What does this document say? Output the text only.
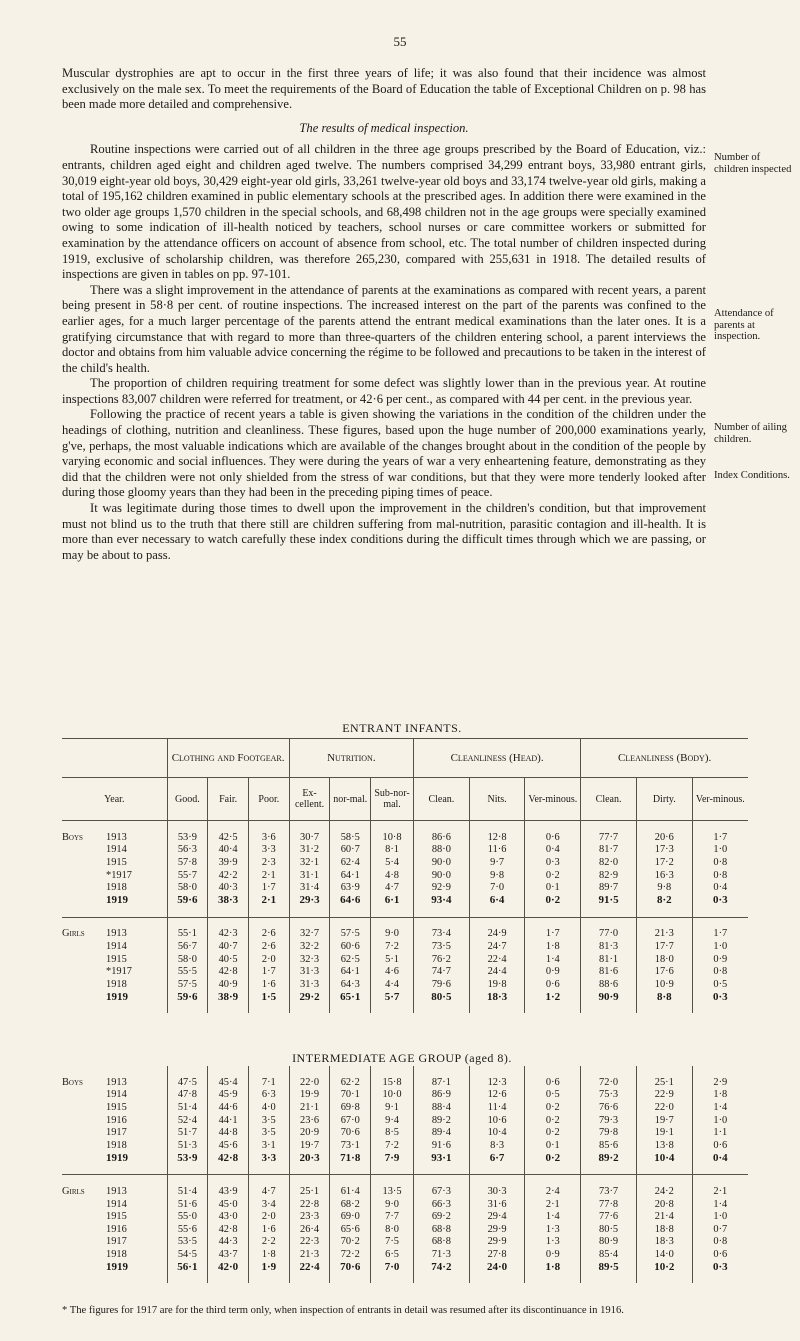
55

Muscular dystrophies are apt to occur in the first three years of life; it was also found that their incidence was almost exclusively on the male sex. To meet the requirements of the Board of Education the table of Exceptional Children on p. 98 has been made more detailed and comprehensive.

The results of medical inspection.

Routine inspections were carried out of all children in the three age groups prescribed by the Board of Education, viz.: entrants, children aged eight and children aged twelve. The numbers comprised 34,299 entrant boys, 33,980 entrant girls, 30,019 eight-year old boys, 30,429 eight-year old girls, 33,261 twelve-year old boys and 33,174 twelve-year old girls, making a total of 195,162 children examined in public elementary schools at the prescribed ages. In addition there were examined in the two older age groups 1,570 children in the special schools, and 68,498 children not in the age groups were specially examined owing to some indication of ill-health noticed by teachers, school nurses or care committee workers or submitted for examination by the attendance officers on account of absence from school, etc. The total number of children inspected during 1919, exclusive of scholarship children, was therefore 265,230, compared with 255,631 in 1918. The detailed results of inspections are given in tables on pp. 97-101.

There was a slight improvement in the attendance of parents at the examinations as compared with recent years, a parent being present in 58·8 per cent. of routine inspections. The increased interest on the part of the parents was confined to the earlier ages, for a much larger percentage of the parents attend the entrant medical examinations than the later ones. It is a gratifying circumstance that with regard to more than three-quarters of the children entering school, a parent interviews the doctor and obtains from him valuable advice concerning the régime to be followed and precautions to be taken in the interest of the child's health.

The proportion of children requiring treatment for some defect was slightly lower than in the previous year. At routine inspections 83,007 children were referred for treatment, or 42·6 per cent., as compared with 44 per cent. in the previous year.

Following the practice of recent years a table is given showing the variations in the condition of the children under the headings of clothing, nutrition and cleanliness. These figures, based upon the huge number of 200,000 examinations yearly, g've, perhaps, the most valuable indications which are available of the changes brought about in the condition of the people by varying economic and social influences. They were during the years of war a very enheartening feature, demonstrating as they did that the children were not only shielded from the stress of war conditions, but that they were more tenderly looked after during those gloomy years than they had been in the preceding piping times of peace.

It was legitimate during those times to dwell upon the improvement in the children's condition, but that improvement must not blind us to the truth that there still are children suffering from mal-nutrition, parasitic contagion and ill-health. It is more than ever necessary to watch carefully these index conditions during the difficult times through which we are passing, or may be about to pass.

Number of children inspected
Attendance of parents at inspection.
Number of ailing children.
Index Conditions.
ENTRANT INFANTS.
	Clothing and Footgear.			Nutrition.			Cleanliness (Head).			Cleanliness (Body).		
Year.	Good.	Fair.	Poor.	Ex-cellent.	nor-mal.	Sub-nor-mal.	Clean.	Nits.	Ver-minous.	Clean.	Dirty.	Ver-minous.

Boys 1913	53·9	42·5	3·6	30·7	58·5	10·8	86·6	12·8	0·6	77·7	20·6	1·7
1914	56·3	40·4	3·3	31·2	60·7	8·1	88·0	11·6	0·4	81·7	17·3	1·0
1915	57·8	39·9	2·3	32·1	62·4	5·4	90·0	9·7	0·3	82·0	17·2	0·8
*1917	55·7	42·2	2·1	31·1	64·1	4·8	90·0	9·8	0·2	82·9	16·3	0·8
1918	58·0	40·3	1·7	31·4	63·9	4·7	92·9	7·0	0·1	89·7	9·8	0·4
1919	59·6	38·3	2·1	29·3	64·6	6·1	93·4	6·4	0·2	91·5	8·2	0·3

Girls 1913	55·1	42·3	2·6	32·7	57·5	9·0	73·4	24·9	1·7	77·0	21·3	1·7
1914	56·7	40·7	2·6	32·2	60·6	7·2	73·5	24·7	1·8	81·3	17·7	1·0
1915	58·0	40·5	2·0	32·3	62·5	5·1	76·2	22·4	1·4	81·1	18·0	0·9
*1917	55·5	42·8	1·7	31·3	64·1	4·6	74·7	24·4	0·9	81·6	17·6	0·8
1918	57·5	40·9	1·6	31·3	64·3	4·4	79·6	19·8	0·6	88·6	10·9	0·5
1919	59·6	38·9	1·5	29·2	65·1	5·7	80·5	18·3	1·2	90·9	8·8	0·3

INTERMEDIATE AGE GROUP (aged 8).

Boys 1913	47·5	45·4	7·1	22·0	62·2	15·8	87·1	12·3	0·6	72·0	25·1	2·9
1914	47·8	45·9	6·3	19·9	70·1	10·0	86·9	12·6	0·5	75·3	22·9	1·8
1915	51·4	44·6	4·0	21·1	69·8	9·1	88·4	11·4	0·2	76·6	22·0	1·4
1916	52·4	44·1	3·5	23·6	67·0	9·4	89·2	10·6	0·2	79·3	19·7	1·0
1917	51·7	44·8	3·5	20·9	70·6	8·5	89·4	10·4	0·2	79·8	19·1	1·1
1918	51·3	45·6	3·1	19·7	73·1	7·2	91·6	8·3	0·1	85·6	13·8	0·6
1919	53·9	42·8	3·3	20·3	71·8	7·9	93·1	6·7	0·2	89·2	10·4	0·4

Girls 1913	51·4	43·9	4·7	25·1	61·4	13·5	67·3	30·3	2·4	73·7	24·2	2·1
1914	51·6	45·0	3·4	22·8	68·2	9·0	66·3	31·6	2·1	77·8	20·8	1·4
1915	55·0	43·0	2·0	23·3	69·0	7·7	69·2	29·4	1·4	77·6	21·4	1·0
1916	55·6	42·8	1·6	26·4	65·6	8·0	68·8	29·9	1·3	80·5	18·8	0·7
1917	53·5	44·3	2·2	22·3	70·2	7·5	68·8	29·9	1·3	80·9	18·3	0·8
1918	54·5	43·7	1·8	21·3	72·2	6·5	71·3	27·8	0·9	85·4	14·0	0·6
1919	56·1	42·0	1·9	22·4	70·6	7·0	74·2	24·0	1·8	89·5	10·2	0·3

* The figures for 1917 are for the third term only, when inspection of entrants in detail was resumed after its discontinuance in 1916.
